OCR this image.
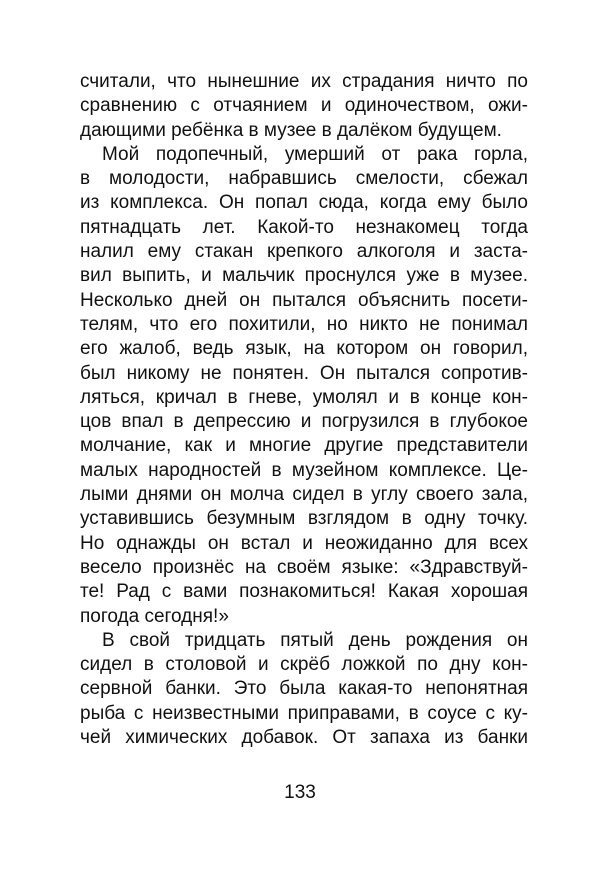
считали, что нынешние их страдания ничто по
сравнению с отчаянием и одиночеством, ожи-
дающими ребёнка в музее в далёком будущем.
Мой подопечный, умерший от рака горла,
в молодости, набравшись смелости, сбежал
из комплекса. Он попал сюда, когда ему было
пятнадцать лет. Какой-то незнакомец тогда
налил ему стакан крепкого алкоголя и заста-
вил выпить, и мальчик проснулся уже в музее.
Несколько дней он пытался объяснить посети-
телям, что его похитили, но никто не понимал
его жалоб, ведь язык, на котором он говорил,
был никому не понятен. Он пытался сопротив-
ляться, кричал в гневе, умолял и в конце кон-
цов впал в депрессию и погрузился в глубокое
молчание, как и многие другие представители
малых народностей в музейном комплексе. Це-
лыми днями он молча сидел в углу своего зала,
уставившись безумным взглядом в одну точку.
Но однажды он встал и неожиданно для всех
весело произнёс на своём языке: «Здравствуй-
те! Рад с вами познакомиться! Какая хорошая
погода сегодня!»
В свой тридцать пятый день рождения он
сидел в столовой и скрёб ложкой по дну кон-
сервной банки. Это была какая-то непонятная
рыба с неизвестными приправами, в соусе с ку-
чей химических добавок. От запаха из банки
133
